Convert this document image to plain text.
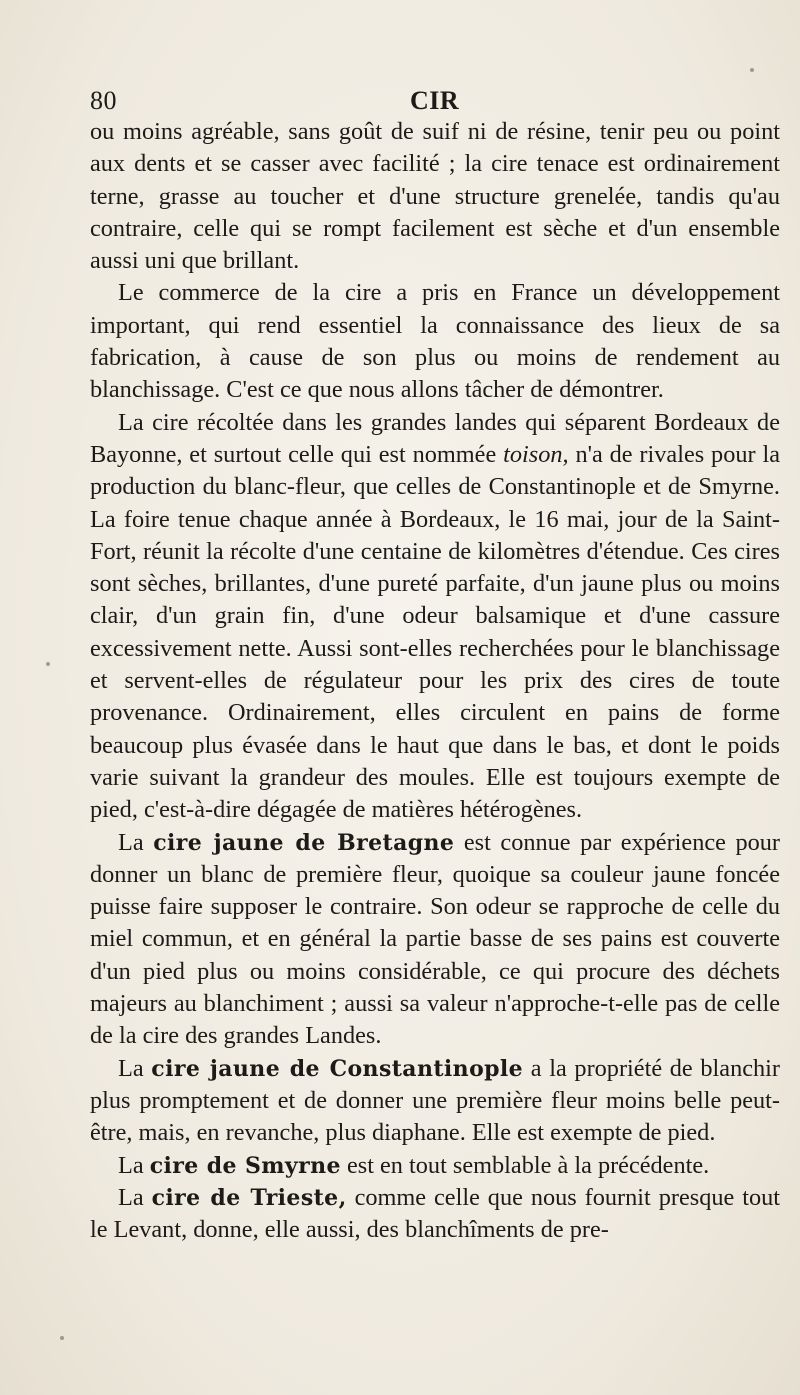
80	CIR

ou moins agréable, sans goût de suif ni de résine, tenir peu ou point aux dents et se casser avec facilité ; la cire tenace est ordinairement terne, grasse au toucher et d'une structure grenelée, tandis qu'au contraire, celle qui se rompt facilement est sèche et d'un ensemble aussi uni que brillant.

Le commerce de la cire a pris en France un développement important, qui rend essentiel la connaissance des lieux de sa fabrication, à cause de son plus ou moins de rendement au blanchissage. C'est ce que nous allons tâcher de démontrer.

La cire récoltée dans les grandes landes qui séparent Bordeaux de Bayonne, et surtout celle qui est nommée toison, n'a de rivales pour la production du blanc-fleur, que celles de Constantinople et de Smyrne. La foire tenue chaque année à Bordeaux, le 16 mai, jour de la Saint-Fort, réunit la récolte d'une centaine de kilomètres d'étendue. Ces cires sont sèches, brillantes, d'une pureté parfaite, d'un jaune plus ou moins clair, d'un grain fin, d'une odeur balsamique et d'une cassure excessivement nette. Aussi sont-elles recherchées pour le blanchissage et servent-elles de régulateur pour les prix des cires de toute provenance. Ordinairement, elles circulent en pains de forme beaucoup plus évasée dans le haut que dans le bas, et dont le poids varie suivant la grandeur des moules. Elle est toujours exempte de pied, c'est-à-dire dégagée de matières hétérogènes.

La cire jaune de Bretagne est connue par expérience pour donner un blanc de première fleur, quoique sa couleur jaune foncée puisse faire supposer le contraire. Son odeur se rapproche de celle du miel commun, et en général la partie basse de ses pains est couverte d'un pied plus ou moins considérable, ce qui procure des déchets majeurs au blanchiment ; aussi sa valeur n'approche-t-elle pas de celle de la cire des grandes Landes.

La cire jaune de Constantinople a la propriété de blanchir plus promptement et de donner une première fleur moins belle peut-être, mais, en revanche, plus diaphane. Elle est exempte de pied.

La cire de Smyrne est en tout semblable à la précédente.

La cire de Trieste, comme celle que nous fournit presque tout le Levant, donne, elle aussi, des blanchîments de pre-
